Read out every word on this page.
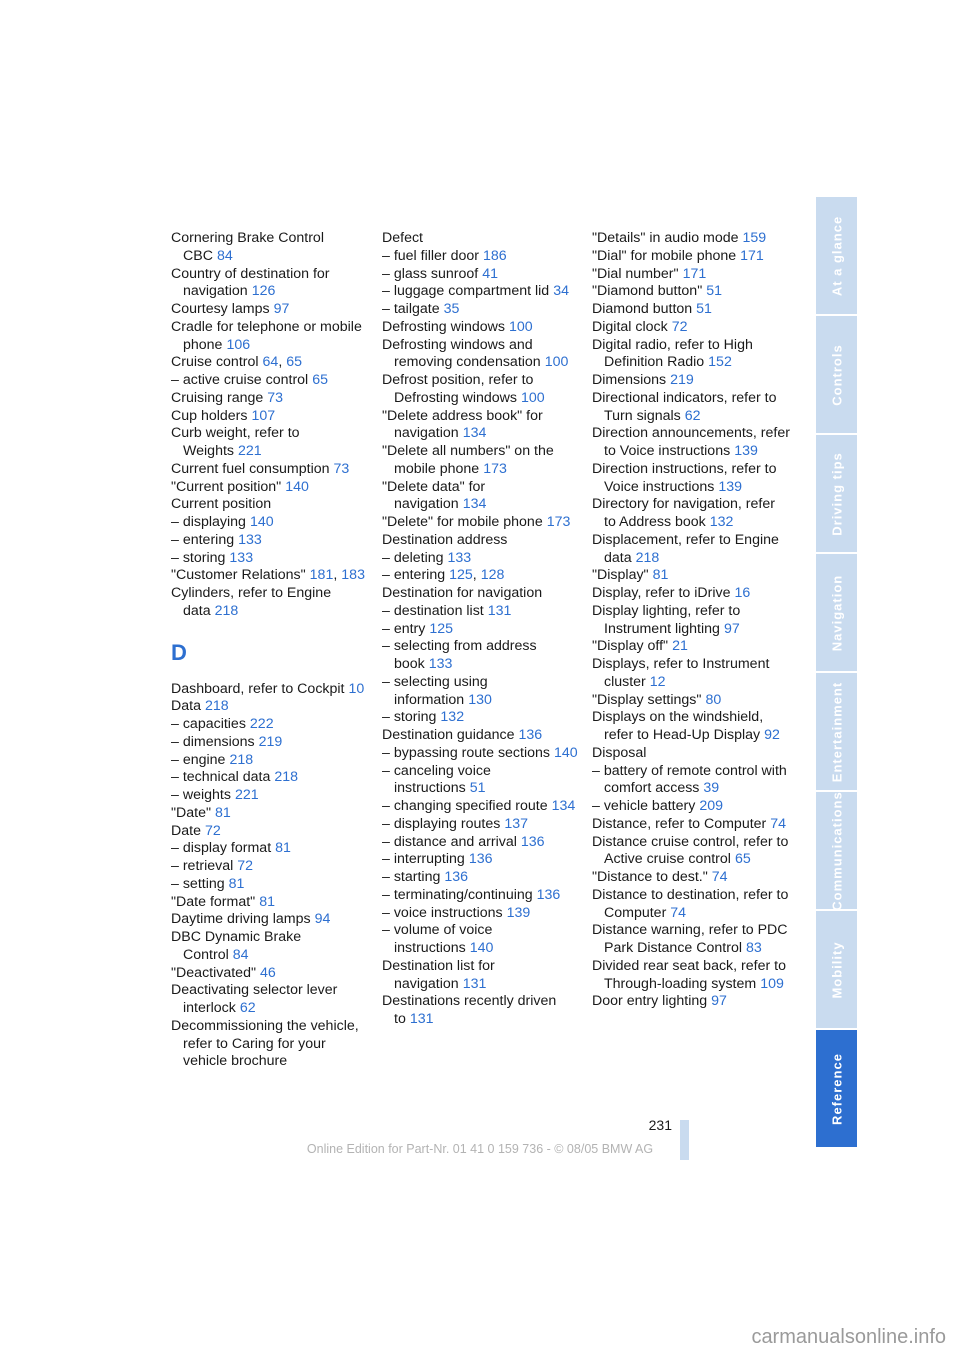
Cornering Brake Control CBC 84
Country of destination for navigation 126
Courtesy lamps 97
Cradle for telephone or mobile phone 106
Cruise control 64, 65
– active cruise control 65
Cruising range 73
Cup holders 107
Curb weight, refer to Weights 221
Current fuel consumption 73
"Current position" 140
Current position
– displaying 140
– entering 133
– storing 133
"Customer Relations" 181, 183
Cylinders, refer to Engine data 218
D
Dashboard, refer to Cockpit 10
Data 218
– capacities 222
– dimensions 219
– engine 218
– technical data 218
– weights 221
"Date" 81
Date 72
– display format 81
– retrieval 72
– setting 81
"Date format" 81
Daytime driving lamps 94
DBC Dynamic Brake Control 84
"Deactivated" 46
Deactivating selector lever interlock 62
Decommissioning the vehicle, refer to Caring for your vehicle brochure
Defect
– fuel filler door 186
– glass sunroof 41
– luggage compartment lid 34
– tailgate 35
Defrosting windows 100
Defrosting windows and removing condensation 100
Defrost position, refer to Defrosting windows 100
"Delete address book" for navigation 134
"Delete all numbers" on the mobile phone 173
"Delete data" for navigation 134
"Delete" for mobile phone 173
Destination address
– deleting 133
– entering 125, 128
Destination for navigation
– destination list 131
– entry 125
– selecting from address book 133
– selecting using information 130
– storing 132
Destination guidance 136
– bypassing route sections 140
– canceling voice instructions 51
– changing specified route 134
– displaying routes 137
– distance and arrival 136
– interrupting 136
– starting 136
– terminating/continuing 136
– voice instructions 139
– volume of voice instructions 140
Destination list for navigation 131
Destinations recently driven to 131
"Details" in audio mode 159
"Dial" for mobile phone 171
"Dial number" 171
"Diamond button" 51
Diamond button 51
Digital clock 72
Digital radio, refer to High Definition Radio 152
Dimensions 219
Directional indicators, refer to Turn signals 62
Direction announcements, refer to Voice instructions 139
Direction instructions, refer to Voice instructions 139
Directory for navigation, refer to Address book 132
Displacement, refer to Engine data 218
"Display" 81
Display, refer to iDrive 16
Display lighting, refer to Instrument lighting 97
"Display off" 21
Displays, refer to Instrument cluster 12
"Display settings" 80
Displays on the windshield, refer to Head-Up Display 92
Disposal
– battery of remote control with comfort access 39
– vehicle battery 209
Distance, refer to Computer 74
Distance cruise control, refer to Active cruise control 65
"Distance to dest." 74
Distance to destination, refer to Computer 74
Distance warning, refer to PDC Park Distance Control 83
Divided rear seat back, refer to Through-loading system 109
Door entry lighting 97
231
At a glance
Controls
Driving tips
Navigation
Entertainment
Communications
Mobility
Reference
Online Edition for Part-Nr. 01 41 0 159 736 - © 08/05 BMW AG
carmanualsonline.info
